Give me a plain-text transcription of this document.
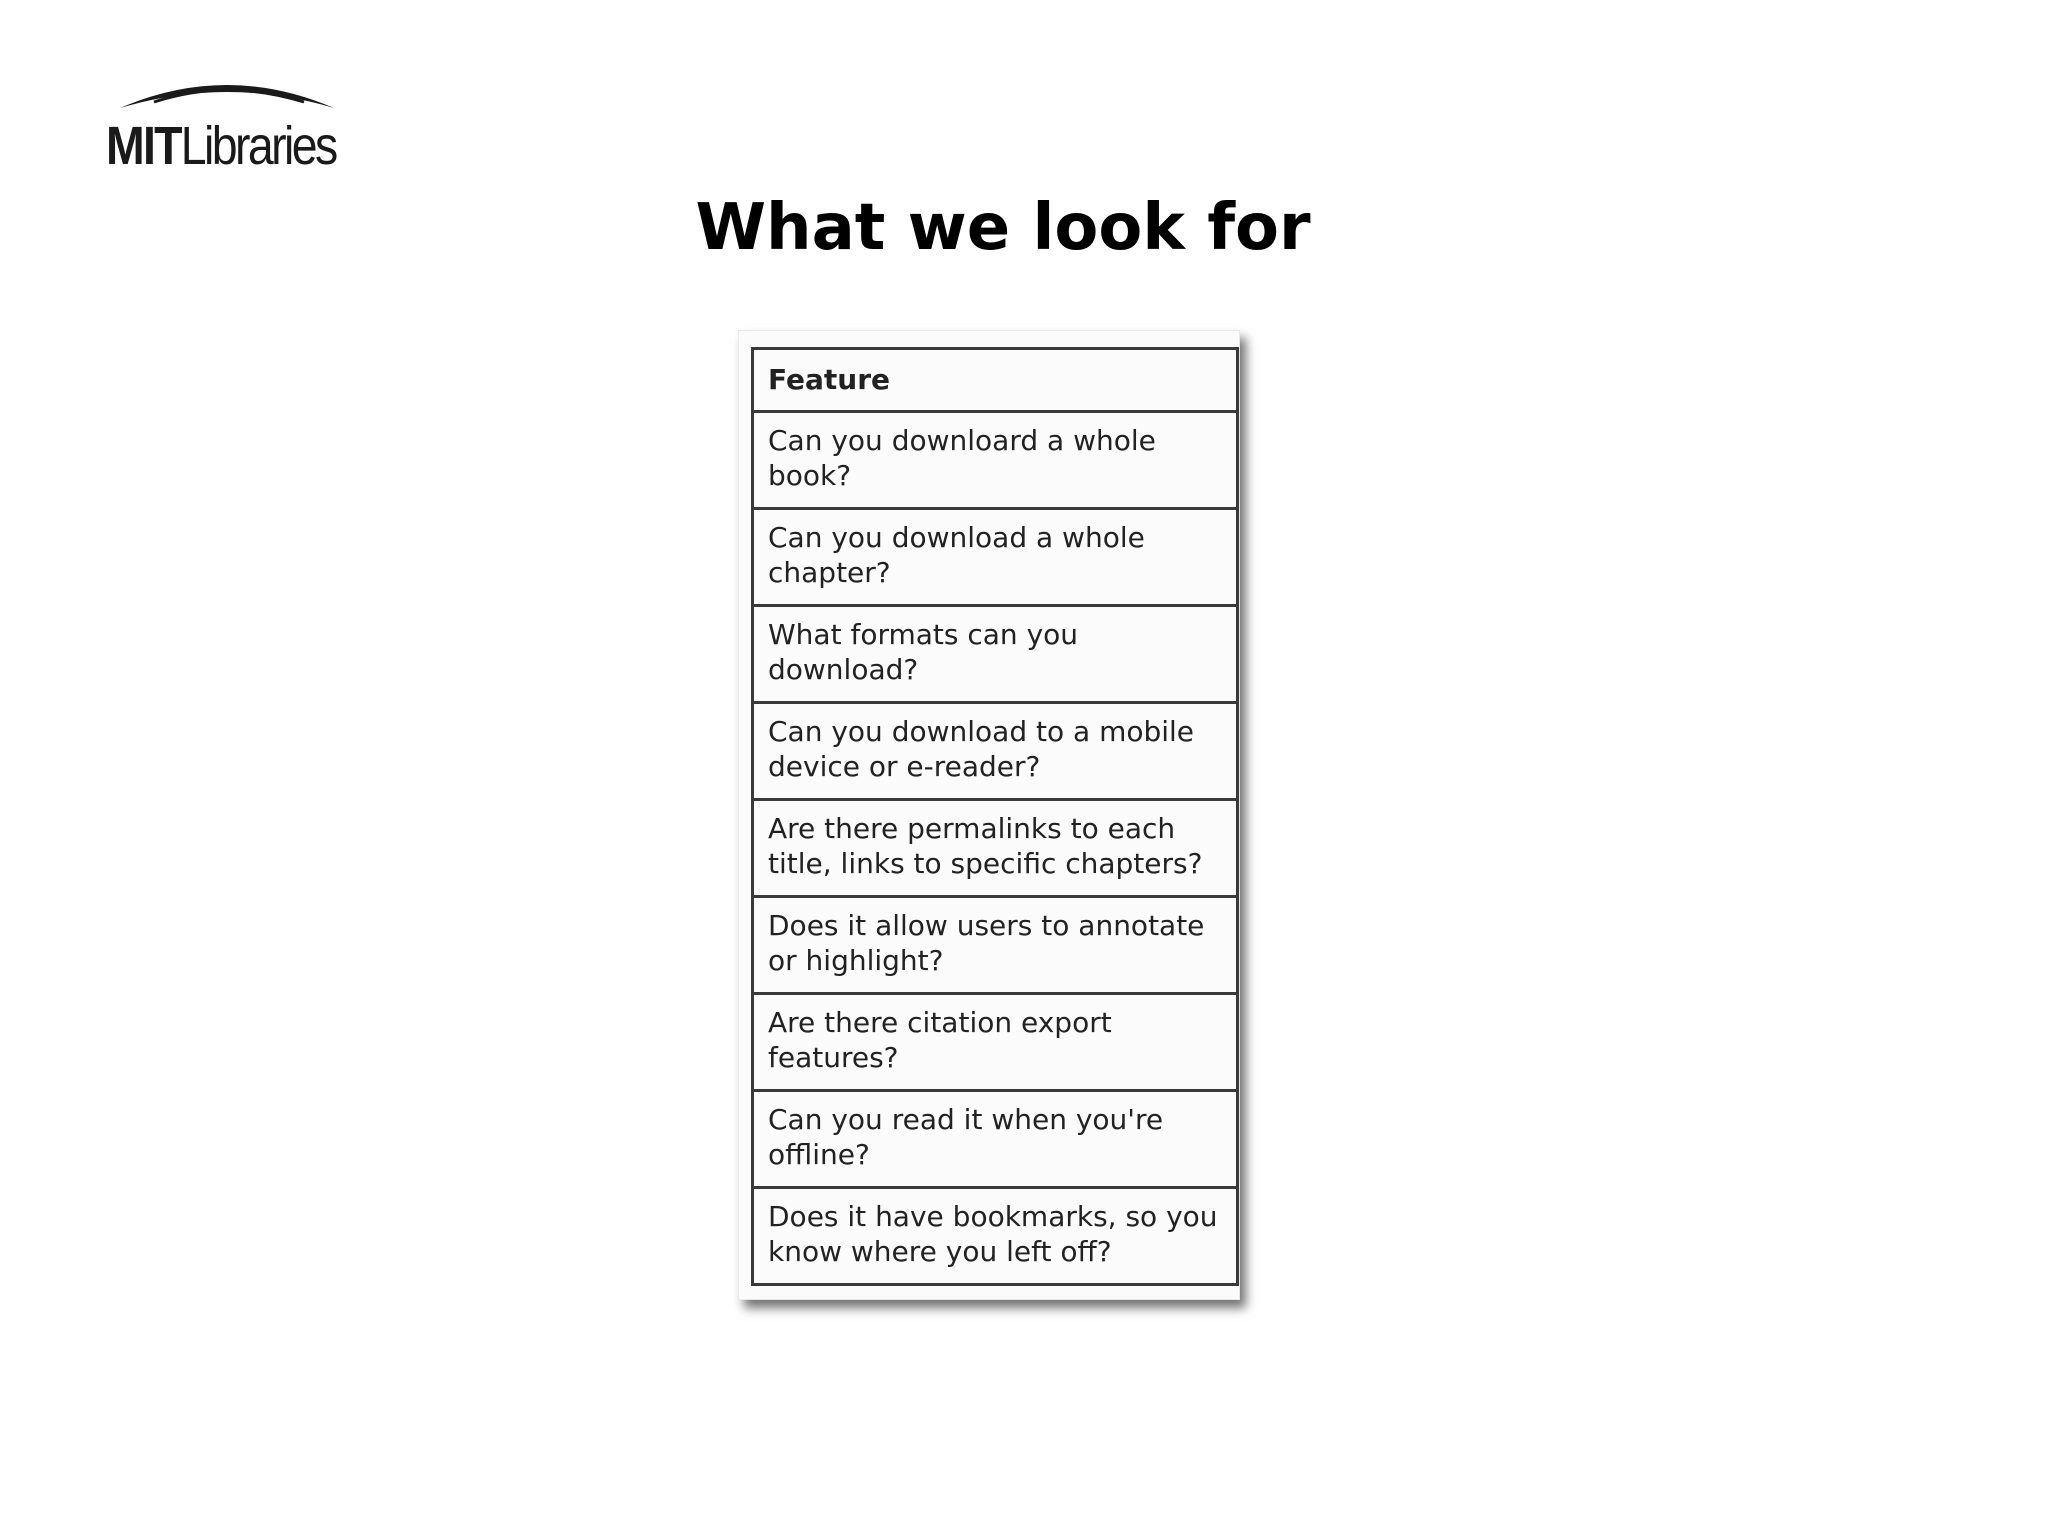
MITLibraries
What we look for
Feature
Can you downloard a whole book?
Can you download a whole chapter?
What formats can you download?
Can you download to a mobile device or e-reader?
Are there permalinks to each title, links to specific chapters?
Does it allow users to annotate or highlight?
Are there citation export features?
Can you read it when you're offline?
Does it have bookmarks, so you know where you left off?
